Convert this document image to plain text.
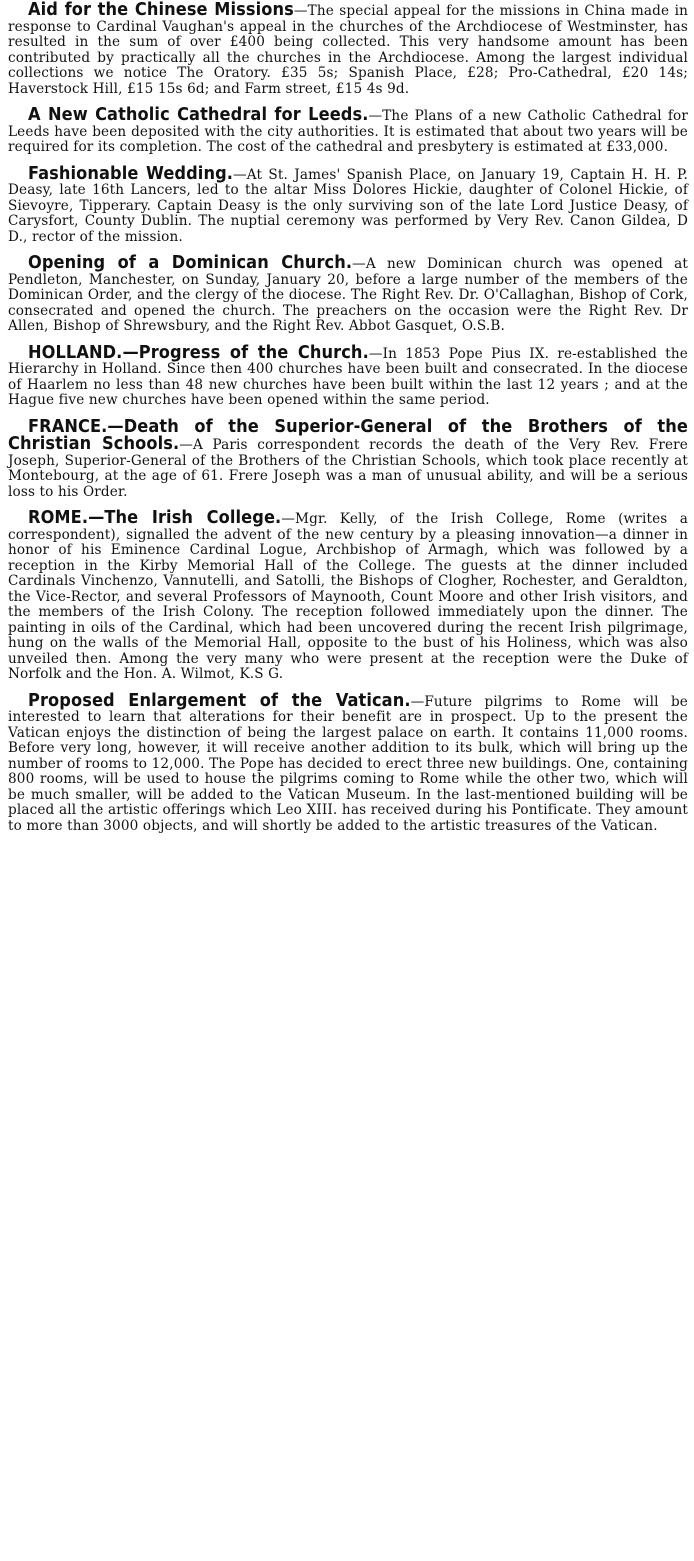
Aid for the Chinese Missions—The special appeal for the missions in China made in response to Cardinal Vaughan's appeal in the churches of the Archdiocese of Westminster, has resulted in the sum of over £400 being collected. This very handsome amount has been contributed by practically all the churches in the Archdiocese. Among the largest individual collections we notice The Oratory. £35 5s; Spanish Place, £28; Pro-Cathedral, £20 14s; Haverstock Hill, £15 15s 6d; and Farm street, £15 4s 9d.

A New Catholic Cathedral for Leeds.—The Plans of a new Catholic Cathedral for Leeds have been deposited with the city authorities. It is estimated that about two years will be required for its completion. The cost of the cathedral and presbytery is estimated at £33,000.

Fashionable Wedding.—At St. James' Spanish Place, on January 19, Captain H. H. P. Deasy, late 16th Lancers, led to the altar Miss Dolores Hickie, daughter of Colonel Hickie, of Sievoyre, Tipperary. Captain Deasy is the only surviving son of the late Lord Justice Deasy, of Carysfort, County Dublin. The nuptial ceremony was performed by Very Rev. Canon Gildea, D D., rector of the mission.

Opening of a Dominican Church.—A new Dominican church was opened at Pendleton, Manchester, on Sunday, January 20, before a large number of the members of the Dominican Order, and the clergy of the diocese. The Right Rev. Dr. O'Callaghan, Bishop of Cork, consecrated and opened the church. The preachers on the occasion were the Right Rev. Dr Allen, Bishop of Shrewsbury, and the Right Rev. Abbot Gasquet, O.S.B.

HOLLAND.—Progress of the Church.—In 1853 Pope Pius IX. re-established the Hierarchy in Holland. Since then 400 churches have been built and consecrated. In the diocese of Haarlem no less than 48 new churches have been built within the last 12 years ; and at the Hague five new churches have been opened within the same period.

FRANCE.—Death of the Superior-General of the Brothers of the Christian Schools.—A Paris correspondent records the death of the Very Rev. Frere Joseph, Superior-General of the Brothers of the Christian Schools, which took place recently at Montebourg, at the age of 61. Frere Joseph was a man of unusual ability, and will be a serious loss to his Order.

ROME.—The Irish College.—Mgr. Kelly, of the Irish College, Rome (writes a correspondent), signalled the advent of the new century by a pleasing innovation—a dinner in honor of his Eminence Cardinal Logue, Archbishop of Armagh, which was followed by a reception in the Kirby Memorial Hall of the College. The guests at the dinner included Cardinals Vinchenzo, Vannutelli, and Satolli, the Bishops of Clogher, Rochester, and Geraldton, the Vice-Rector, and several Professors of Maynooth, Count Moore and other Irish visitors, and the members of the Irish Colony. The reception followed immediately upon the dinner. The painting in oils of the Cardinal, which had been uncovered during the recent Irish pilgrimage, hung on the walls of the Memorial Hall, opposite to the bust of his Holiness, which was also unveiled then. Among the very many who were present at the reception were the Duke of Norfolk and the Hon. A. Wilmot, K.S G.

Proposed Enlargement of the Vatican.—Future pilgrims to Rome will be interested to learn that alterations for their benefit are in prospect. Up to the present the Vatican enjoys the distinction of being the largest palace on earth. It contains 11,000 rooms. Before very long, however, it will receive another addition to its bulk, which will bring up the number of rooms to 12,000. The Pope has decided to erect three new buildings. One, containing 800 rooms, will be used to house the pilgrims coming to Rome while the other two, which will be much smaller, will be added to the Vatican Museum. In the last-mentioned building will be placed all the artistic offerings which Leo XIII. has received during his Pontificate. They amount to more than 3000 objects, and will shortly be added to the artistic treasures of the Vatican.
